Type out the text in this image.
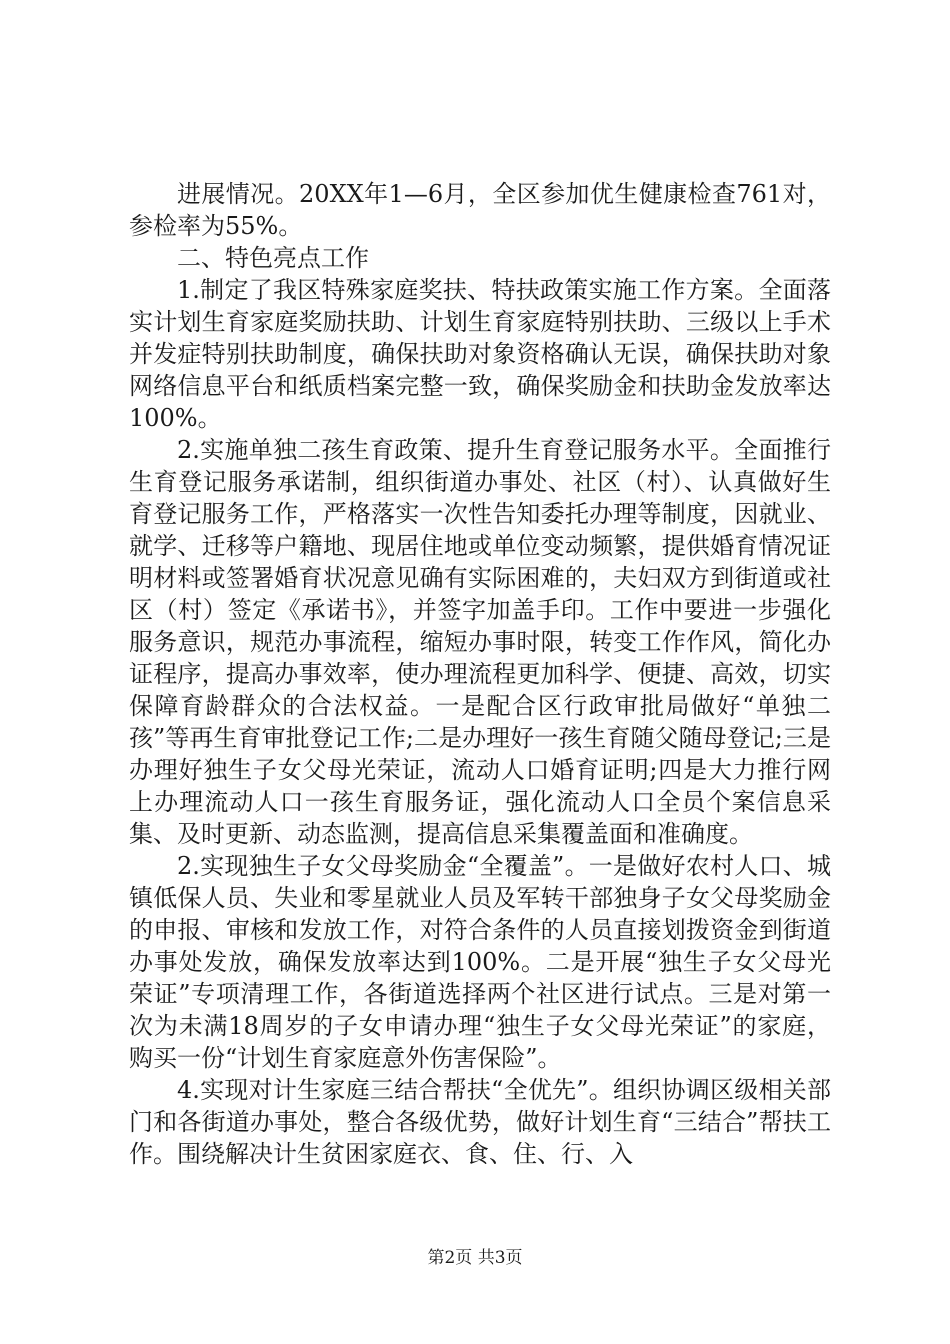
进展情况。20XX年1—6月，全区参加优生健康检查761对，参检率为55%。

二、特色亮点工作

1.制定了我区特殊家庭奖扶、特扶政策实施工作方案。全面落实计划生育家庭奖励扶助、计划生育家庭特别扶助、三级以上手术并发症特别扶助制度，确保扶助对象资格确认无误，确保扶助对象网络信息平台和纸质档案完整一致，确保奖励金和扶助金发放率达100%。

2.实施单独二孩生育政策、提升生育登记服务水平。全面推行生育登记服务承诺制，组织街道办事处、社区（村）、认真做好生育登记服务工作，严格落实一次性告知委托办理等制度，因就业、就学、迁移等户籍地、现居住地或单位变动频繁，提供婚育情况证明材料或签署婚育状况意见确有实际困难的，夫妇双方到街道或社区（村）签定《承诺书》，并签字加盖手印。工作中要进一步强化服务意识，规范办事流程，缩短办事时限，转变工作作风，简化办证程序，提高办事效率，使办理流程更加科学、便捷、高效，切实保障育龄群众的合法权益。一是配合区行政审批局做好“单独二孩”等再生育审批登记工作;二是办理好一孩生育随父随母登记;三是办理好独生子女父母光荣证，流动人口婚育证明;四是大力推行网上办理流动人口一孩生育服务证，强化流动人口全员个案信息采集、及时更新、动态监测，提高信息采集覆盖面和准确度。

2.实现独生子女父母奖励金“全覆盖”。一是做好农村人口、城镇低保人员、失业和零星就业人员及军转干部独身子女父母奖励金的申报、审核和发放工作，对符合条件的人员直接划拨资金到街道办事处发放，确保发放率达到100%。二是开展“独生子女父母光荣证”专项清理工作，各街道选择两个社区进行试点。三是对第一次为未满18周岁的子女申请办理“独生子女父母光荣证”的家庭，购买一份“计划生育家庭意外伤害保险”。

4.实现对计生家庭三结合帮扶“全优先”。组织协调区级相关部门和各街道办事处，整合各级优势，做好计划生育“三结合”帮扶工作。围绕解决计生贫困家庭衣、食、住、行、入

第2页 共3页
